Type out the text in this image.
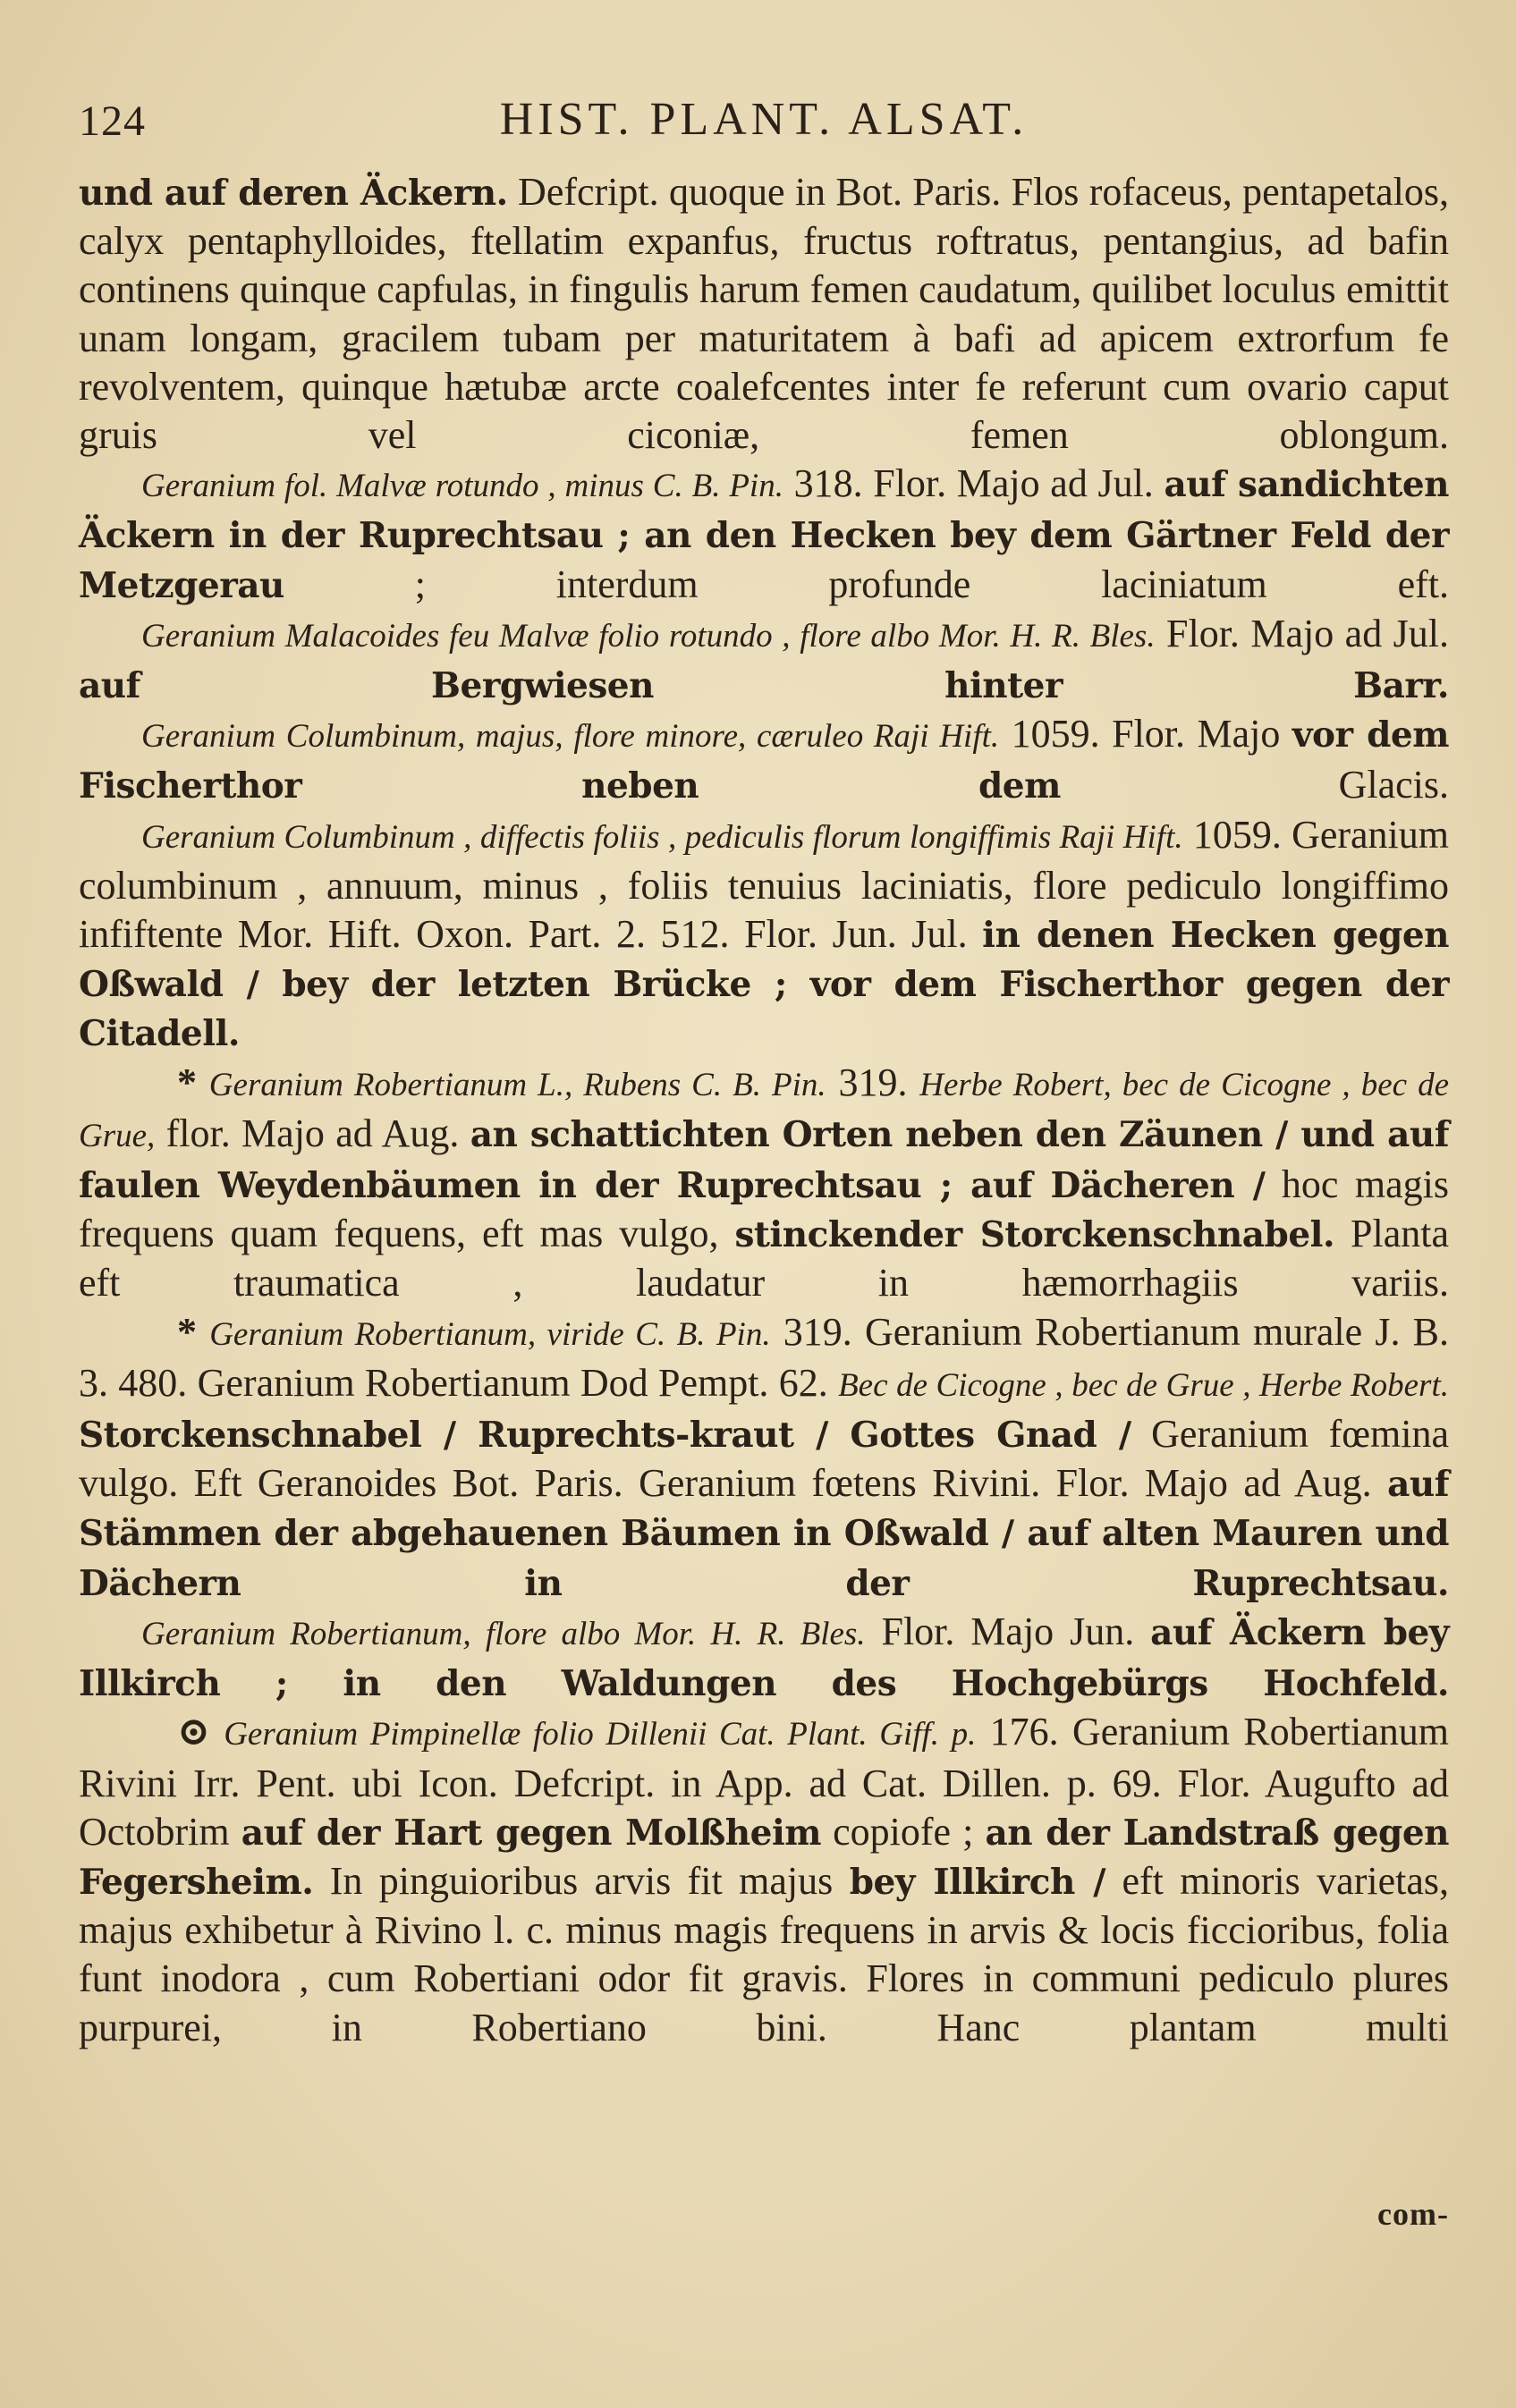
124	HIST. PLANT. ALSAT.

und auf deren Äckern. Defcript. quoque in Bot. Paris. Flos rofaceus, pentapetalos, calyx pentaphylloides, ftellatim expanfus, fructus roftratus, pentangius, ad bafin continens quinque capfulas, in fingulis harum femen caudatum, quilibet loculus emittit unam longam, gracilem tubam per maturitatem à bafi ad apicem extrorfum fe revolventem, quinque hætubæ arcte coalefcentes inter fe referunt cum ovario caput gruis vel ciconiæ, femen oblongum.

Geranium fol. Malvæ rotundo , minus C. B. Pin. 318. Flor. Majo ad Jul. auf sandichten Äckern in der Ruprechtsau ; an den Hecken bey dem Gärtner Feld der Metzgerau ; interdum profunde laciniatum eft.

Geranium Malacoides feu Malvæ folio rotundo , flore albo Mor. H. R. Bles. Flor. Majo ad Jul. auf Bergwiesen hinter Barr.

Geranium Columbinum, majus, flore minore, cæruleo Raji Hift. 1059. Flor. Majo vor dem Fischerthor neben dem Glacis.

Geranium Columbinum , diffectis foliis , pediculis florum longiffimis Raji Hift. 1059. Geranium columbinum , annuum, minus , foliis tenuius laciniatis, flore pediculo longiffimo infiftente Mor. Hift. Oxon. Part. 2. 512. Flor. Jun. Jul. in denen Hecken gegen Oßwald / bey der letzten Brücke ; vor dem Fischerthor gegen der Citadell.

* Geranium Robertianum L., Rubens C. B. Pin. 319. Herbe Robert, bec de Cicogne , bec de Grue, flor. Majo ad Aug. an schattichten Orten neben den Zäunen / und auf faulen Weydenbäumen in der Ruprechtsau ; auf Dächeren / hoc magis frequens quam fequens, eft mas vulgo, stinckender Storckenschnabel. Planta eft traumatica , laudatur in hæmorrhagiis variis.

* Geranium Robertianum, viride C. B. Pin. 319. Geranium Robertianum murale J. B. 3. 480. Geranium Robertianum Dod Pempt. 62. Bec de Cicogne , bec de Grue , Herbe Robert. Storckenschnabel / Ruprechts-kraut / Gottes Gnad / Geranium fœmina vulgo. Eft Geranoides Bot. Paris. Geranium fœtens Rivini. Flor. Majo ad Aug. auf Stämmen der abgehauenen Bäumen in Oßwald / auf alten Mauren und Dächern in der Ruprechtsau.

Geranium Robertianum, flore albo Mor. H. R. Bles. Flor. Majo Jun. auf Äckern bey Illkirch ; in den Waldungen des Hochgebürgs Hochfeld.

⊙ Geranium Pimpinellæ folio Dillenii Cat. Plant. Giff. p. 176. Geranium Robertianum Rivini Irr. Pent. ubi Icon. Defcript. in App. ad Cat. Dillen. p. 69. Flor. Augufto ad Octobrim auf der Hart gegen Molßheim copiofe ; an der Landstraß gegen Fegersheim. In pinguioribus arvis fit majus bey Illkirch / eft minoris varietas, majus exhibetur à Rivino l. c. minus magis frequens in arvis & locis ficcioribus, folia funt inodora , cum Robertiani odor fit gravis. Flores in communi pediculo plures purpurei, in Robertiano bini. Hanc plantam multi

com-
